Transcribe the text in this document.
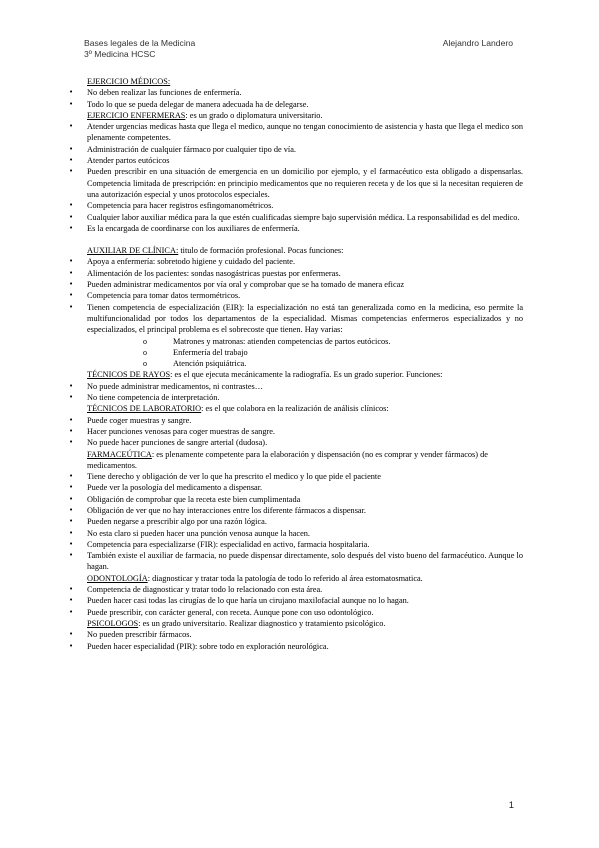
Bases legales de la Medicina
3º Medicina HCSC
Alejandro Landero

EJERCICIO MÉDICOS:

• No deben realizar las funciones de enfermería.

• Todo lo que se pueda delegar de manera adecuada ha de delegarse.

EJERCICIO ENFERMERAS: es un grado o diplomatura universitario.

• Atender urgencias medicas hasta que llega el medico, aunque no tengan conocimiento de asistencia y hasta que llega el medico son plenamente competentes.

• Administración de cualquier fármaco por cualquier tipo de vía.

• Atender partos eutócicos

• Pueden prescribir en una situación de emergencia en un domicilio por ejemplo, y el farmacéutico esta obligado a dispensarlas. Competencia limitada de prescripción: en principio medicamentos que no requieren receta y de los que si la necesitan requieren de una autorización especial y unos protocolos especiales.

• Competencia para hacer registros esfingomanométricos.

• Cualquier labor auxiliar médica para la que estén cualificadas siempre bajo supervisión médica. La responsabilidad es del medico.

• Es la encargada de coordinarse con los auxiliares de enfermería.

AUXILIAR DE CLÍNICA: titulo de formación profesional. Pocas funciones:

• Apoya a enfermería: sobretodo higiene y cuidado del paciente.

• Alimentación de los pacientes: sondas nasogástricas puestas por enfermeras.

• Pueden administrar medicamentos por vía oral y comprobar que se ha tomado de manera eficaz

• Competencia para tomar datos termométricos.

• Tienen competencia de especialización (EIR): la especialización no está tan generalizada como en la medicina, eso permite la multifuncionalidad por todos los departamentos de la especialidad. Mismas competencias enfermeros especializados y no especializados, el principal problema es el sobrecoste que tienen. Hay varias:

o Matrones y matronas: atienden competencias de partos eutócicos.

o Enfermería del trabajo

o Atención psiquiátrica.

TÉCNICOS DE RAYOS: es el que ejecuta mecánicamente la radiografía. Es un grado superior. Funciones:

• No puede administrar medicamentos, ni contrastes…

• No tiene competencia de interpretación.

TÉCNICOS DE LABORATORIO: es el que colabora en la realización de análisis clínicos:

• Puede coger muestras y sangre.

• Hacer punciones venosas para coger muestras de sangre.

• No puede hacer punciones de sangre arterial (dudosa).

FARMACEÚTICA: es plenamente competente para la elaboración y dispensación (no es comprar y vender fármacos) de medicamentos.

• Tiene derecho y obligación de ver lo que ha prescrito el medico y lo que pide el paciente

• Puede ver la posología del medicamento a dispensar.

• Obligación de comprobar que la receta este bien cumplimentada

• Obligación de ver que no hay interacciones entre los diferente fármacos a dispensar.

• Pueden negarse a prescribir algo por una razón lógica.

• No esta claro si pueden hacer una punción venosa aunque la hacen.

• Competencia para especializarse (FIR): especialidad en activo, farmacia hospitalaria.

• También existe el auxiliar de farmacia, no puede dispensar directamente, solo después del visto bueno del farmacéutico. Aunque lo hagan.

ODONTOLOGÍA: diagnosticar y tratar toda la patología de todo lo referido al área estomatosmatica.

• Competencia de diagnosticar y tratar todo lo relacionado con esta área.

• Pueden hacer casi todas las cirugías de lo que haría un cirujano maxilofacial aunque no lo hagan.

• Puede prescribir, con carácter general, con receta. Aunque pone con uso odontológico.

PSICOLOGOS: es un grado universitario. Realizar diagnostico y tratamiento psicológico.

• No pueden prescribir fármacos.

• Pueden hacer especialidad (PIR): sobre todo en exploración neurológica.

1
